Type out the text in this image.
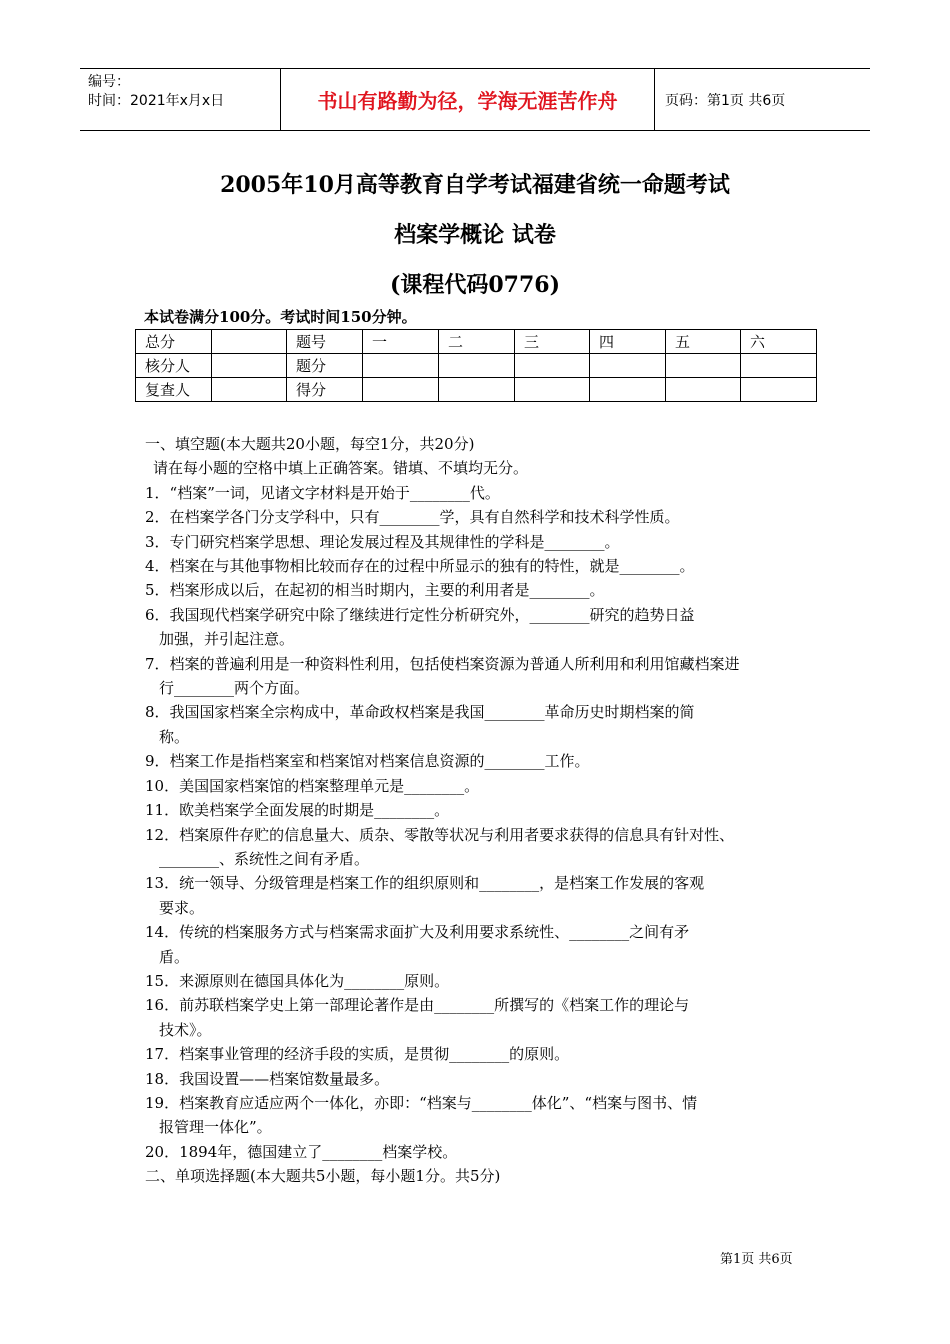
编号：
时间：2021年x月x日	书山有路勤为径，学海无涯苦作舟	页码：第1页 共6页
2005年10月高等教育自学考试福建省统一命题考试
档案学概论 试卷
(课程代码0776)
本试卷满分100分。考试时间150分钟。
总分		题号	一	二	三	四	五	六
核分人		题分						
复查人		得分						

一、填空题(本大题共20小题，每空1分，共20分)

请在每小题的空格中填上正确答案。错填、不填均无分。

1．“档案”一词，见诸文字材料是开始于________代。

2．在档案学各门分支学科中，只有________学，具有自然科学和技术科学性质。

3．专门研究档案学思想、理论发展过程及其规律性的学科是________。

4．档案在与其他事物相比较而存在的过程中所显示的独有的特性，就是________。

5．档案形成以后，在起初的相当时期内，主要的利用者是________。

6．我国现代档案学研究中除了继续进行定性分析研究外，________研究的趋势日益

加强，并引起注意。

7．档案的普遍利用是一种资料性利用，包括使档案资源为普通人所利用和利用馆藏档案进

行________两个方面。

8．我国国家档案全宗构成中，革命政权档案是我国________革命历史时期档案的简

称。

9．档案工作是指档案室和档案馆对档案信息资源的________工作。

10．美国国家档案馆的档案整理单元是________。

11．欧美档案学全面发展的时期是________。

12．档案原件存贮的信息量大、质杂、零散等状况与利用者要求获得的信息具有针对性、

________、系统性之间有矛盾。

13．统一领导、分级管理是档案工作的组织原则和________，是档案工作发展的客观

要求。

14．传统的档案服务方式与档案需求面扩大及利用要求系统性、________之间有矛

盾。

15．来源原则在德国具体化为________原则。

16．前苏联档案学史上第一部理论著作是由________所撰写的《档案工作的理论与

技术》。

17．档案事业管理的经济手段的实质，是贯彻________的原则。

18．我国设置——档案馆数量最多。

19．档案教育应适应两个一体化，亦即：“档案与________体化”、“档案与图书、情

报管理一体化”。

20．1894年，德国建立了________档案学校。

二、单项选择题(本大题共5小题，每小题1分。共5分)

第1页 共6页
